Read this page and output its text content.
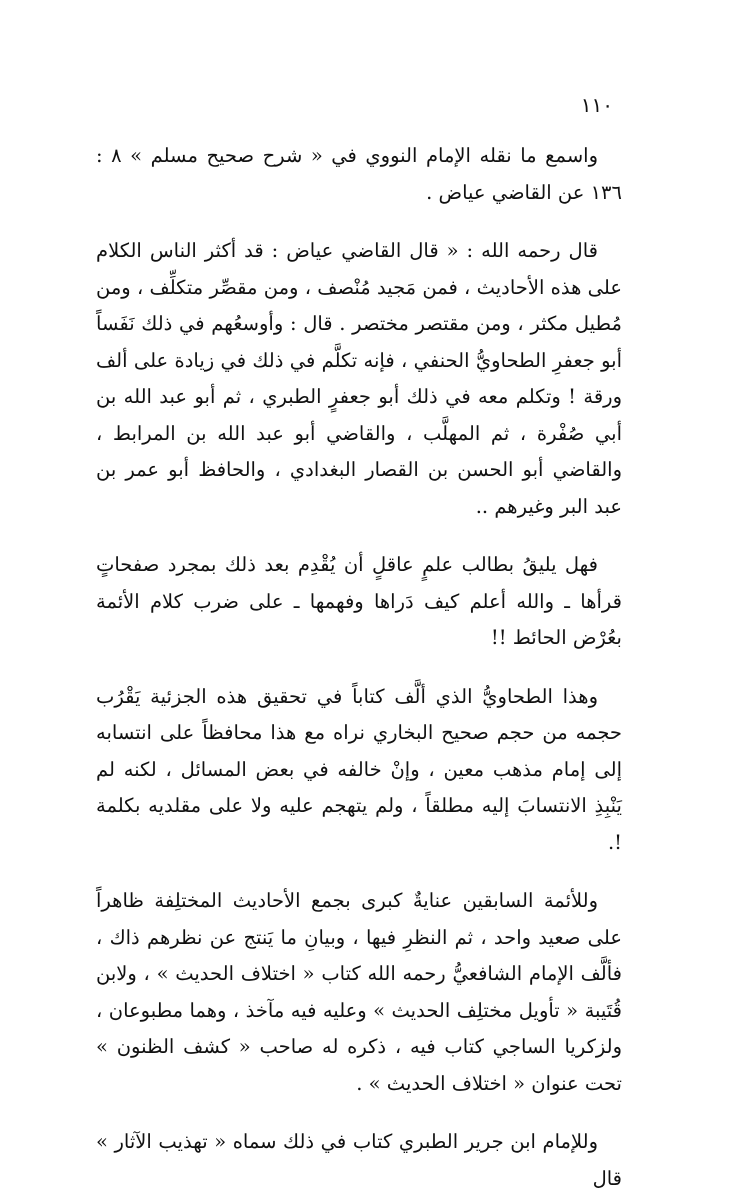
١١٠

واسمع ما نقله الإمام النووي في « شرح صحيح مسلم » ٨ : ١٣٦ عن القاضي عياض .

قال رحمه الله : « قال القاضي عياض : قد أكثر الناس الكلام على هذه الأحاديث ، فمن مَجيد مُنْصف ، ومن مقصِّر متكلِّف ، ومن مُطيل مكثر ، ومن مقتصر مختصر . قال : وأوسعُهم في ذلك نَفَساً أبو جعفرِ الطحاويُّ الحنفي ، فإنه تكلَّم في ذلك في زيادة على ألف ورقة ! وتكلم معه في ذلك أبو جعفرٍ الطبري ، ثم أبو عبد الله بن أبي صُفْرة ، ثم المهلَّب ، والقاضي أبو عبد الله بن المرابط ، والقاضي أبو الحسن بن القصار البغدادي ، والحافظ أبو عمر بن عبد البر وغيرهم ..

فهل يليقُ بطالب علمٍ عاقلٍ أن يُقْدِم بعد ذلك بمجرد صفحاتٍ قرأها ـ والله أعلم كيف دَراها وفهمها ـ على ضرب كلام الأئمة بعُرْض الحائط !!

وهذا الطحاويُّ الذي ألَّف كتاباً في تحقيق هذه الجزئية يَقْرُب حجمه من حجم صحيح البخاري نراه مع هذا محافظاً على انتسابه إلى إمام مذهب معين ، وإنْ خالفه في بعض المسائل ، لكنه لم يَنْبِذِ الانتسابَ إليه مطلقاً ، ولم يتهجم عليه ولا على مقلديه بكلمة !.

وللأئمة السابقين عنايةٌ كبرى بجمع الأحاديث المختلِفة ظاهراً على صعيد واحد ، ثم النظرِ فيها ، وبيانِ ما يَنتج عن نظرهم ذاك ، فألَّف الإمام الشافعيُّ رحمه الله كتاب « اختلاف الحديث » ، ولابن قُتَيبة « تأويل مختلِف الحديث » وعليه فيه مآخذ ، وهما مطبوعان ، ولزكريا الساجي كتاب فيه ، ذكره له صاحب « كشف الظنون » تحت عنوان « اختلاف الحديث » .

وللإمام ابن جرير الطبري كتاب في ذلك سماه « تهذيب الآثار » قال
